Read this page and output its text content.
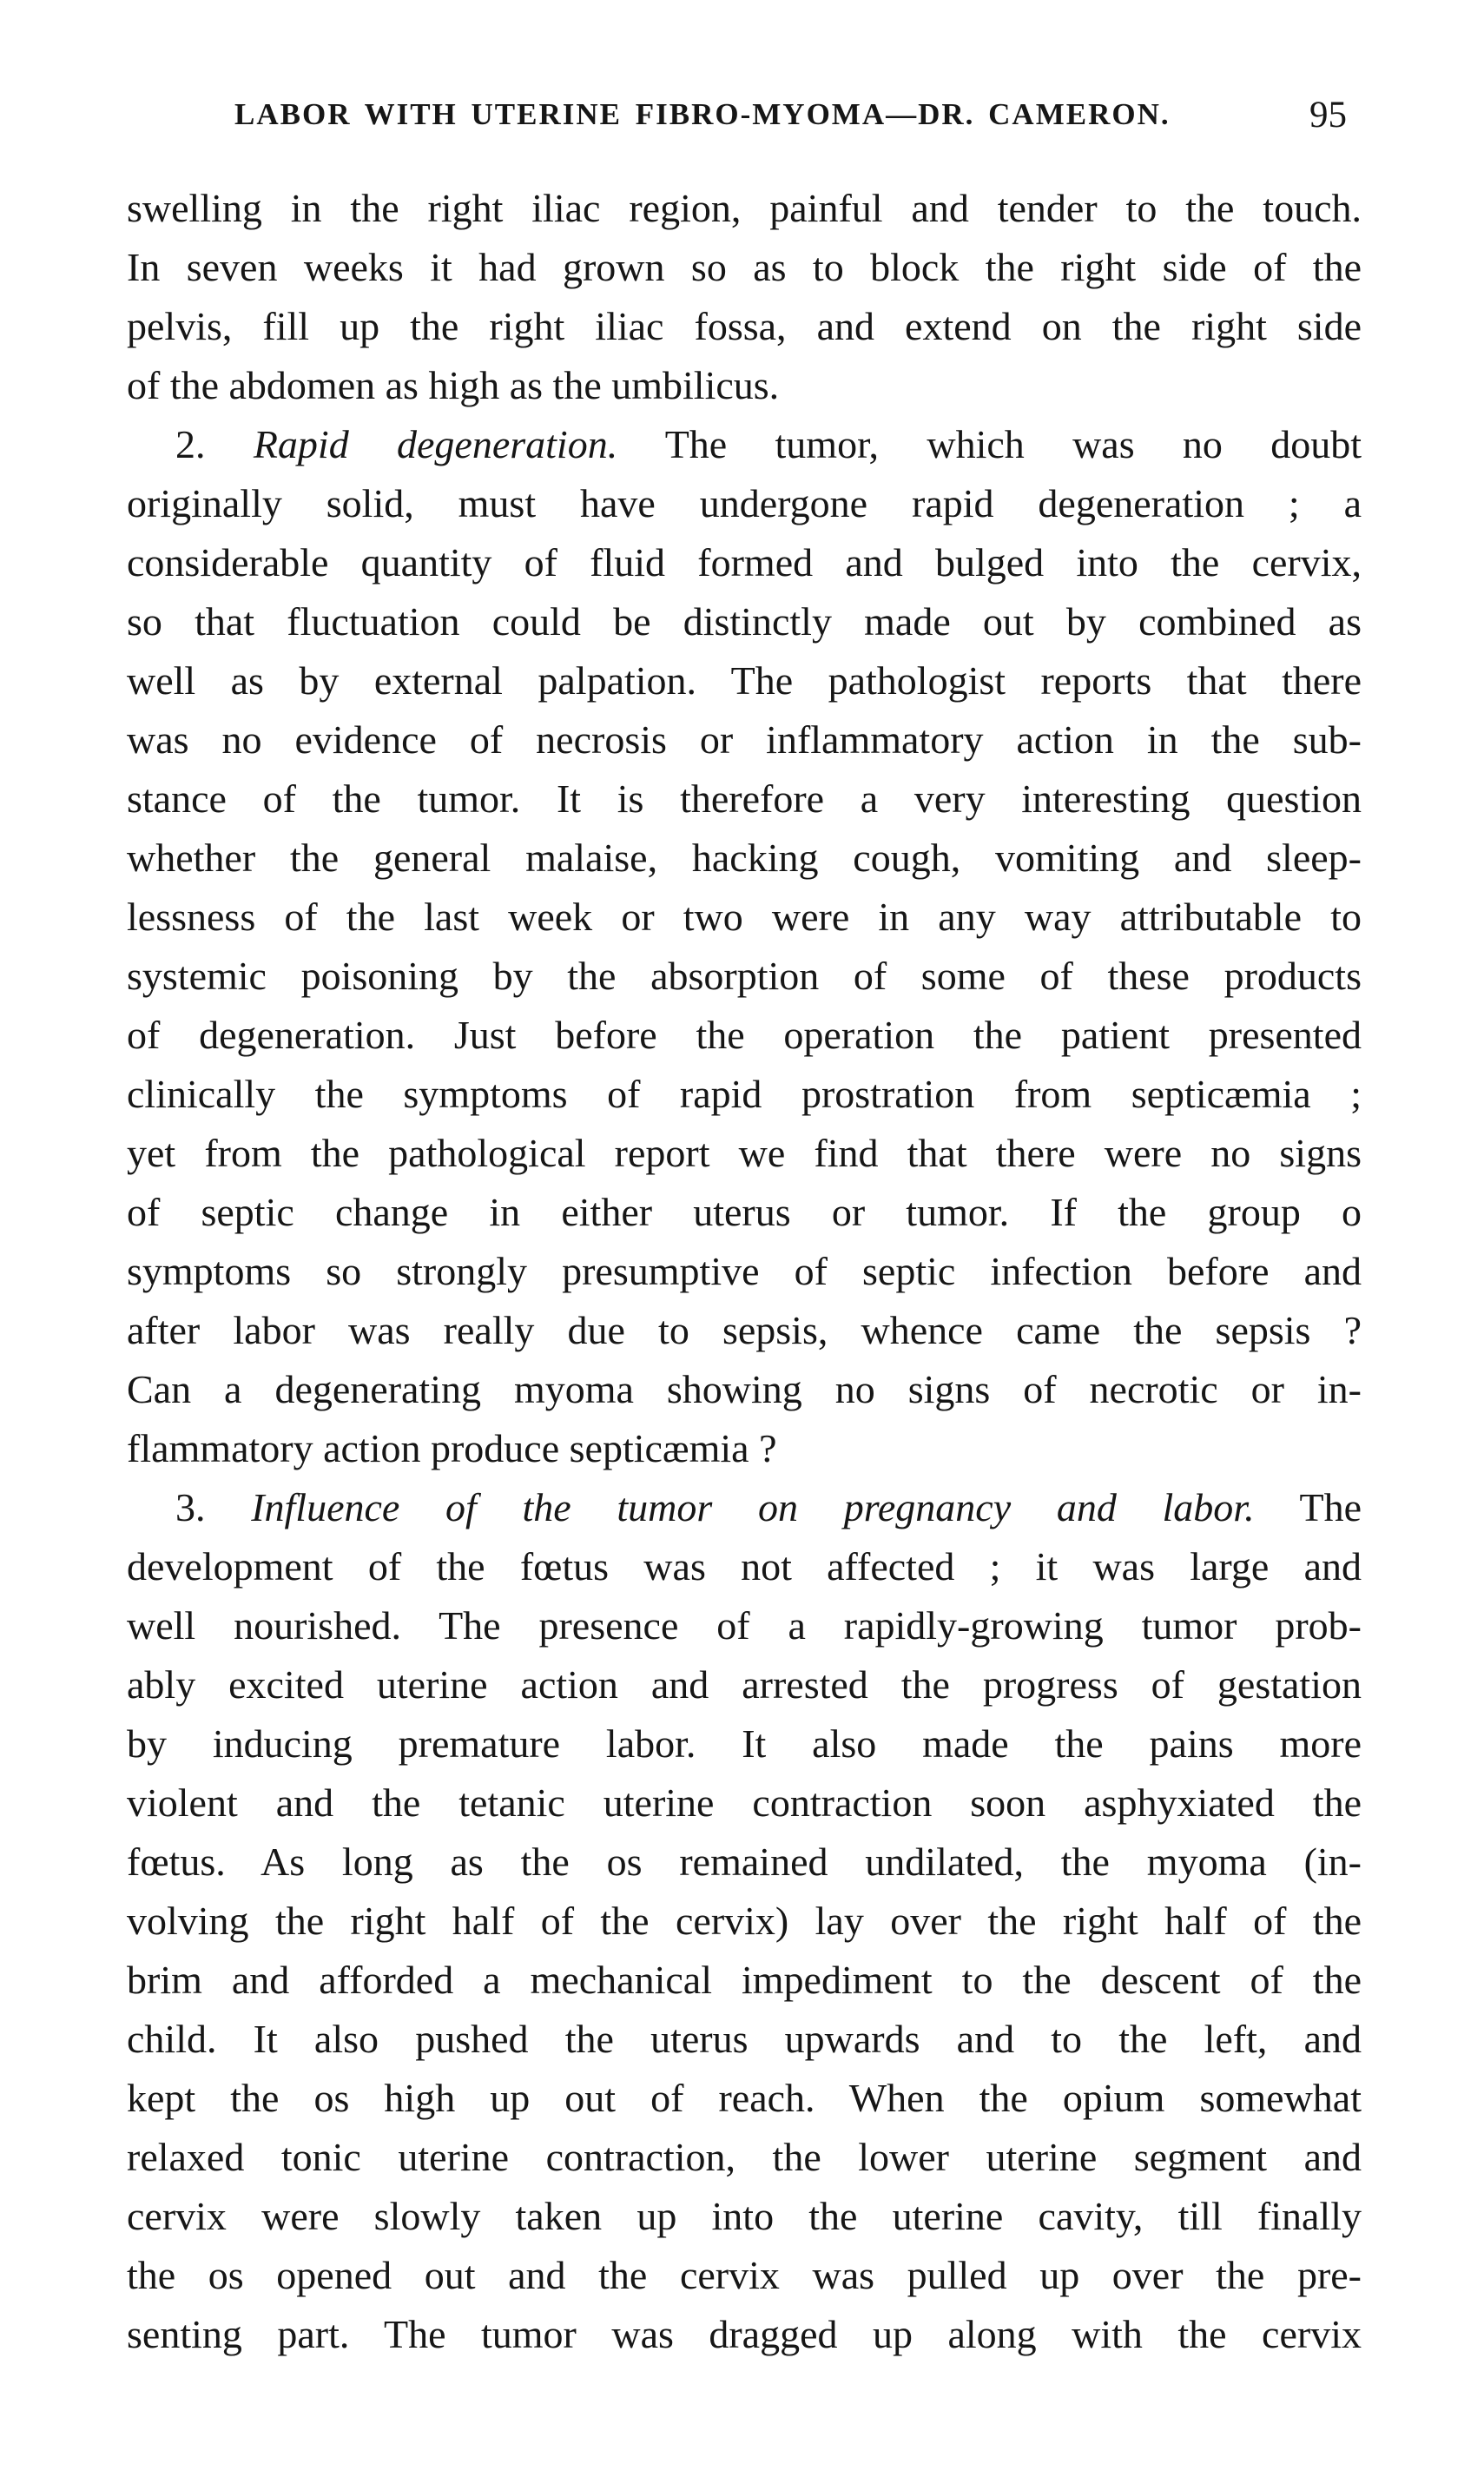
LABOR WITH UTERINE FIBRO-MYOMA—DR. CAMERON.	95
swelling in the right iliac region, painful and tender to the touch.
In seven weeks it had grown so as to block the right side of the
pelvis, fill up the right iliac fossa, and extend on the right side
of the abdomen as high as the umbilicus.
2. Rapid degeneration. The tumor, which was no doubt
originally solid, must have undergone rapid degeneration ; a
considerable quantity of fluid formed and bulged into the cervix,
so that fluctuation could be distinctly made out by combined as
well as by external palpation. The pathologist reports that there
was no evidence of necrosis or inflammatory action in the sub-
stance of the tumor. It is therefore a very interesting question
whether the general malaise, hacking cough, vomiting and sleep-
lessness of the last week or two were in any way attributable to
systemic poisoning by the absorption of some of these products
of degeneration. Just before the operation the patient presented
clinically the symptoms of rapid prostration from septicæmia ;
yet from the pathological report we find that there were no signs
of septic change in either uterus or tumor. If the group o
symptoms so strongly presumptive of septic infection before and
after labor was really due to sepsis, whence came the sepsis ?
Can a degenerating myoma showing no signs of necrotic or in-
flammatory action produce septicæmia ?
3. Influence of the tumor on pregnancy and labor. The
development of the fœtus was not affected ; it was large and
well nourished. The presence of a rapidly-growing tumor prob-
ably excited uterine action and arrested the progress of gestation
by inducing premature labor. It also made the pains more
violent and the tetanic uterine contraction soon asphyxiated the
fœtus. As long as the os remained undilated, the myoma (in-
volving the right half of the cervix) lay over the right half of the
brim and afforded a mechanical impediment to the descent of the
child. It also pushed the uterus upwards and to the left, and
kept the os high up out of reach. When the opium somewhat
relaxed tonic uterine contraction, the lower uterine segment and
cervix were slowly taken up into the uterine cavity, till finally
the os opened out and the cervix was pulled up over the pre-
senting part. The tumor was dragged up along with the cervix
